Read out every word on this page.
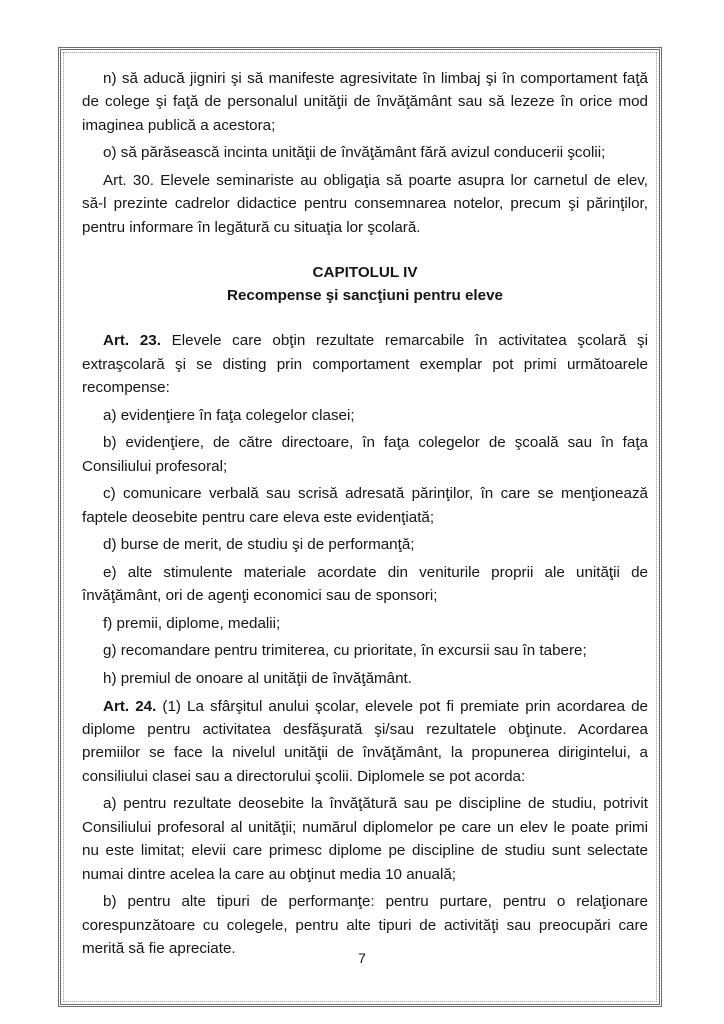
n) să aducă jigniri şi să manifeste agresivitate în limbaj şi în comportament faţă de colege şi faţă de personalul unităţii de învăţământ sau să lezeze în orice mod imaginea publică a acestora;

o) să părăsească incinta unităţii de învăţământ fără avizul conducerii şcolii;

Art. 30. Elevele seminariste au obligaţia să poarte asupra lor carnetul de elev, să-l prezinte cadrelor didactice pentru consemnarea notelor, precum şi părinţilor, pentru informare în legătură cu situaţia lor şcolară.

CAPITOLUL IV
Recompense şi sancţiuni pentru eleve

Art. 23. Elevele care obţin rezultate remarcabile în activitatea şcolară şi extraşcolară şi se disting prin comportament exemplar pot primi următoarele recompense:

a) evidenţiere în faţa colegelor clasei;

b) evidenţiere, de către directoare, în faţa colegelor de şcoală sau în faţa Consiliului profesoral;

c) comunicare verbală sau scrisă adresată părinţilor, în care se menţionează faptele deosebite pentru care eleva este evidenţiată;

d) burse de merit, de studiu şi de performanţă;

e) alte stimulente materiale acordate din veniturile proprii ale unităţii de învăţământ, ori de agenţi economici sau de sponsori;

f) premii, diplome, medalii;

g) recomandare pentru trimiterea, cu prioritate, în excursii sau în tabere;

h) premiul de onoare al unităţii de învăţământ.

Art. 24. (1) La sfârşitul anului şcolar, elevele pot fi premiate prin acordarea de diplome pentru activitatea desfăşurată şi/sau rezultatele obţinute. Acordarea premiilor se face la nivelul unităţii de învăţământ, la propunerea dirigintelui, a consiliului clasei sau a directorului şcolii. Diplomele se pot acorda:

a) pentru rezultate deosebite la învăţătură sau pe discipline de studiu, potrivit Consiliului profesoral al unităţii; numărul diplomelor pe care un elev le poate primi nu este limitat; elevii care primesc diplome pe discipline de studiu sunt selectate numai dintre acelea la care au obţinut media 10 anuală;

b) pentru alte tipuri de performanţe: pentru purtare, pentru o relaţionare corespunzătoare cu colegele, pentru alte tipuri de activităţi sau preocupări care merită să fie apreciate.

7
